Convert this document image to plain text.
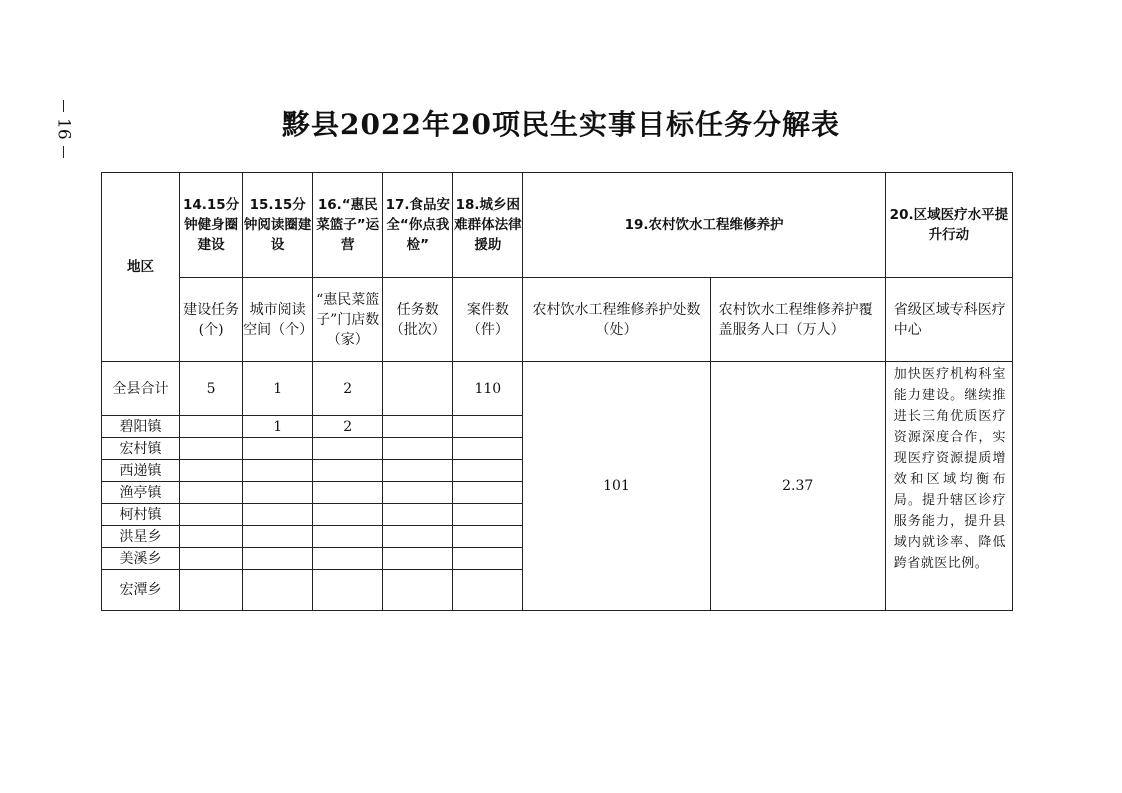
16	黟县2022年20项民生实事目标任务分解表
地区	14.15分钟健身圈建设	15.15分钟阅读圈建设	16.“惠民菜篮子”运营	17.食品安全“你点我检”	18.城乡困难群体法律援助	19.农村饮水工程维修养护		20.区域医疗水平提升行动
	建设任务(个)	城市阅读空间（个）	“惠民菜篮子”门店数（家）	任务数（批次）	案件数（件）	农村饮水工程维修养护处数（处）	农村饮水工程维修养护覆盖服务人口（万人）	省级区域专科医疗中心
全县合计	5	1	2		110	101	2.37	加快医疗机构科室能力建设。继续推进长三角优质医疗资源深度合作，实现医疗资源提质增效和区域均衡布局。提升辖区诊疗服务能力，提升县域内就诊率、降低跨省就医比例。
碧阳镇		1	2					
宏村镇								
西递镇								
渔亭镇								
柯村镇								
洪星乡								
美溪乡								
宏潭乡								
